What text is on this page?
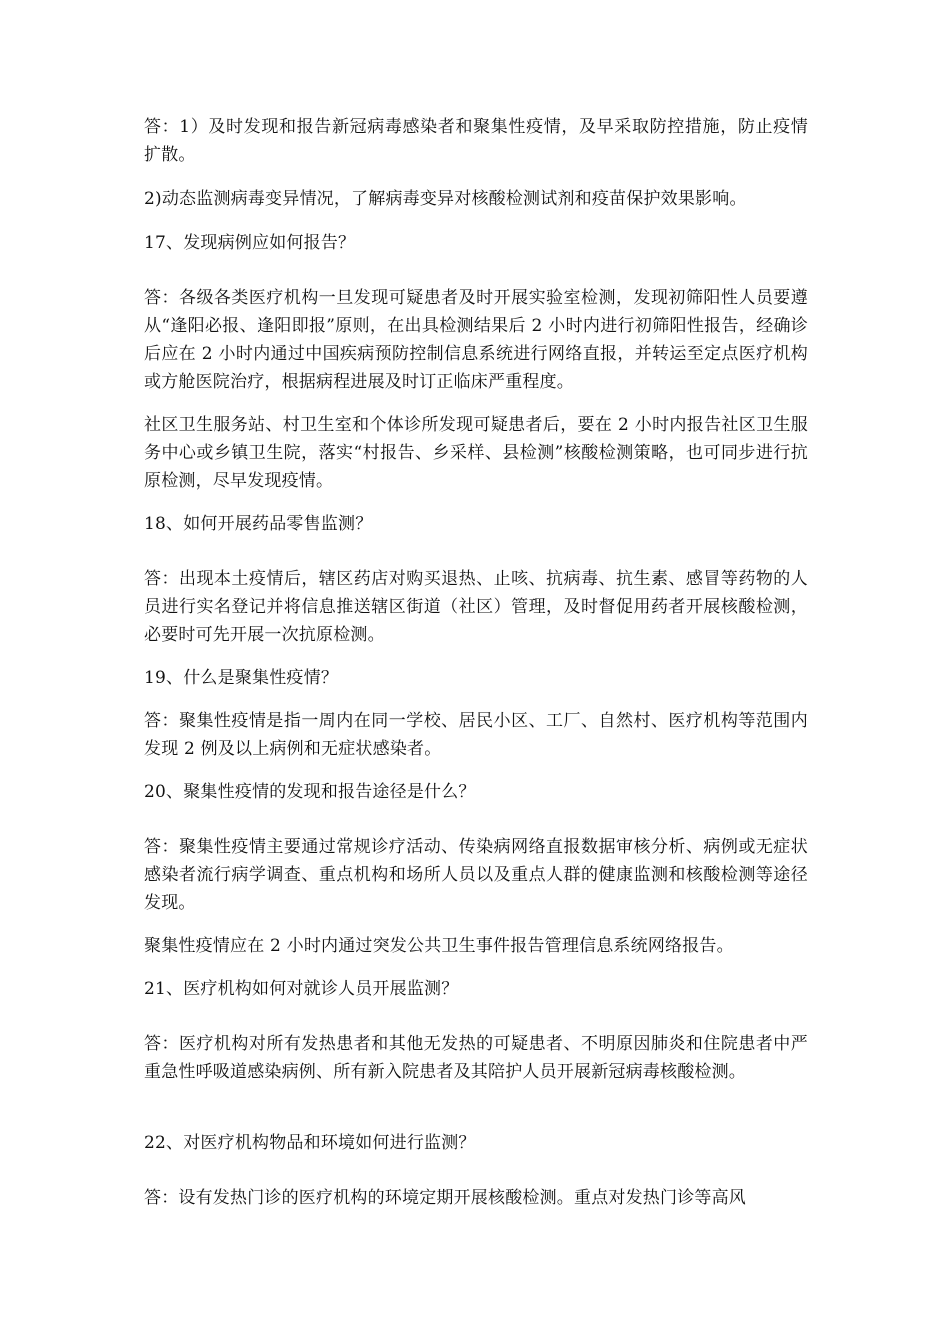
答：1）及时发现和报告新冠病毒感染者和聚集性疫情，及早采取防控措施，防止疫情扩散。

2)动态监测病毒变异情况，了解病毒变异对核酸检测试剂和疫苗保护效果影响。

17、发现病例应如何报告？

答：各级各类医疗机构一旦发现可疑患者及时开展实验室检测，发现初筛阳性人员要遵从“逢阳必报、逢阳即报”原则，在出具检测结果后 2 小时内进行初筛阳性报告，经确诊后应在 2 小时内通过中国疾病预防控制信息系统进行网络直报，并转运至定点医疗机构或方舱医院治疗，根据病程进展及时订正临床严重程度。

社区卫生服务站、村卫生室和个体诊所发现可疑患者后，要在 2 小时内报告社区卫生服务中心或乡镇卫生院，落实“村报告、乡采样、县检测”核酸检测策略，也可同步进行抗原检测，尽早发现疫情。

18、如何开展药品零售监测？

答：出现本土疫情后，辖区药店对购买退热、止咳、抗病毒、抗生素、感冒等药物的人员进行实名登记并将信息推送辖区街道（社区）管理，及时督促用药者开展核酸检测，必要时可先开展一次抗原检测。

19、什么是聚集性疫情？

答：聚集性疫情是指一周内在同一学校、居民小区、工厂、自然村、医疗机构等范围内发现 2 例及以上病例和无症状感染者。

20、聚集性疫情的发现和报告途径是什么？

答：聚集性疫情主要通过常规诊疗活动、传染病网络直报数据审核分析、病例或无症状感染者流行病学调查、重点机构和场所人员以及重点人群的健康监测和核酸检测等途径发现。

聚集性疫情应在 2 小时内通过突发公共卫生事件报告管理信息系统网络报告。

21、医疗机构如何对就诊人员开展监测？

答：医疗机构对所有发热患者和其他无发热的可疑患者、不明原因肺炎和住院患者中严重急性呼吸道感染病例、所有新入院患者及其陪护人员开展新冠病毒核酸检测。

22、对医疗机构物品和环境如何进行监测？

答：设有发热门诊的医疗机构的环境定期开展核酸检测。重点对发热门诊等高风
